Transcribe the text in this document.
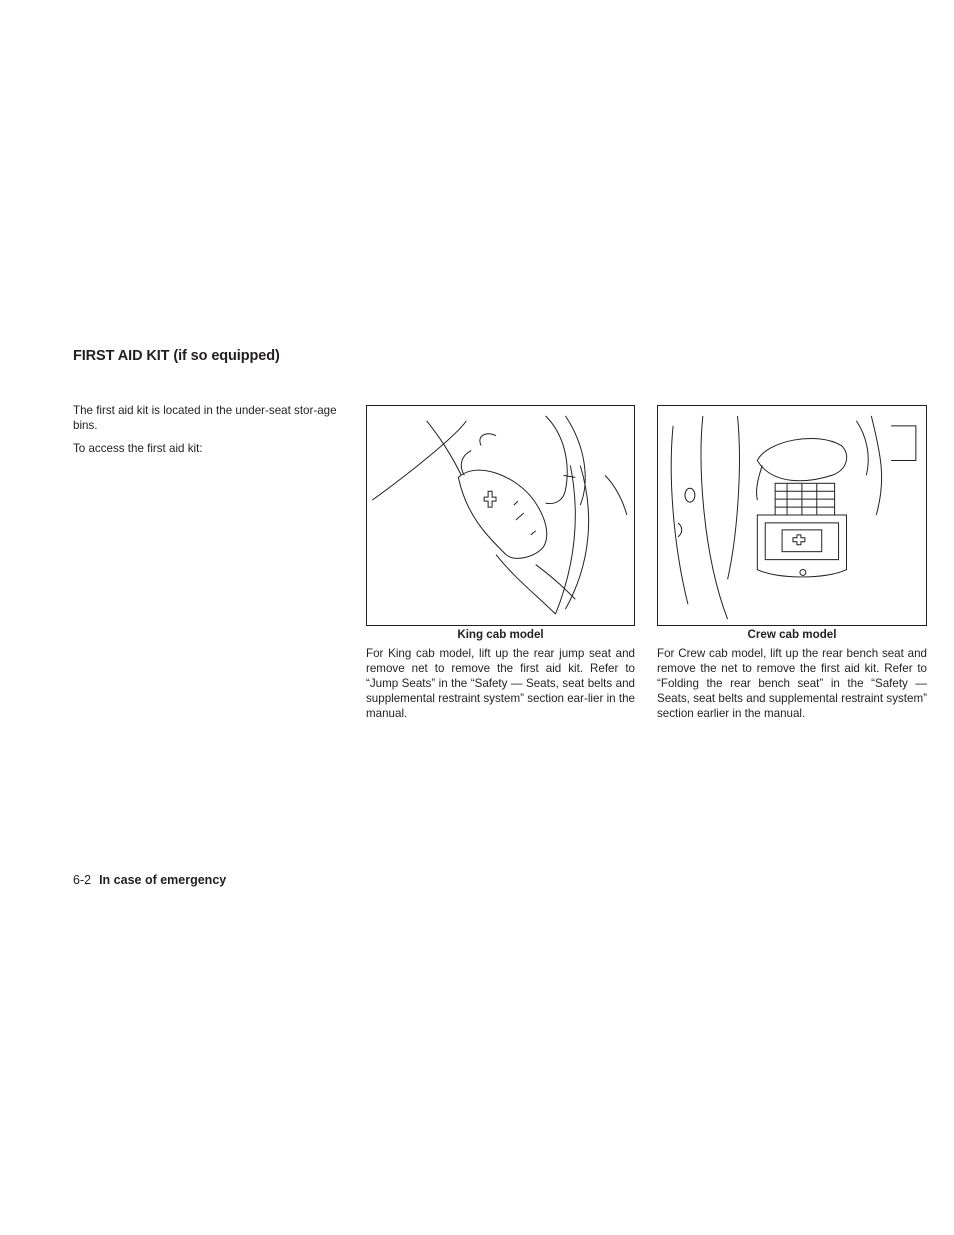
FIRST AID KIT (if so equipped)

The first aid kit is located in the under-seat stor-age bins.

To access the first aid kit:

King cab model	Crew cab model

For King cab model, lift up the rear jump seat and remove net to remove the first aid kit. Refer to “Jump Seats” in the “Safety — Seats, seat belts and supplemental restraint system” section ear-lier in the manual.

For Crew cab model, lift up the rear bench seat and remove the net to remove the first aid kit. Refer to “Folding the rear bench seat” in the “Safety — Seats, seat belts and supplemental restraint system” section earlier in the manual.

6-2 In case of emergency
